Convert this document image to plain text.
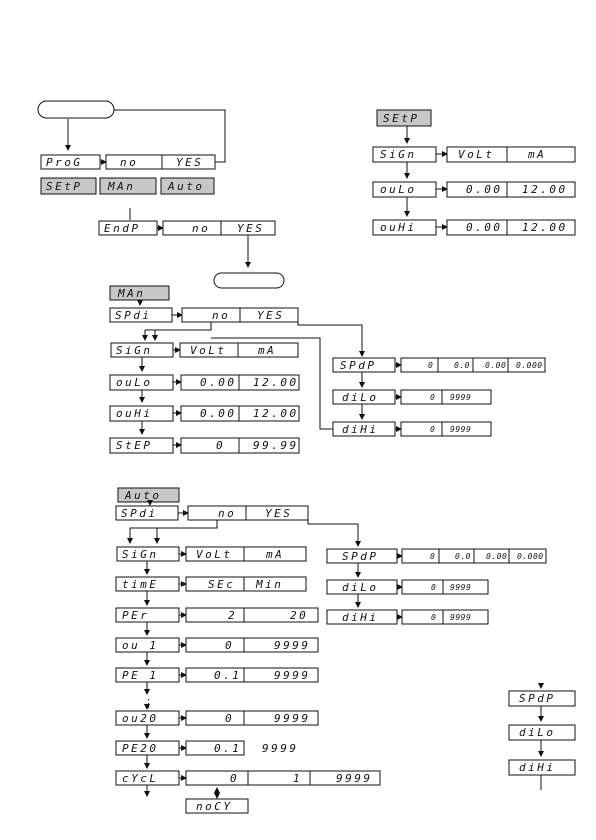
ProG	no	YES
SEtP MAn	Auto
EndP	no YES
SEtP
SiGn	VoLt	mA
ouLo	0.00 12.00
ouHi	0.00 12.00
MAn
SPdi	no YES
SiGn	VoLt	mA
ouLo	0.00 12.00
ouHi	0.00 12.00
StEP	0	99.99
SPdP	0	0.0 0.00 0.000
diLo	0 9999
diHi	0 9999
Auto
SPdi	no	YES
SiGn	VoLt	mA
timE	SEc Min
PEr	2	20
ou 1	0	9999
PE 1	0.1	9999
⋮
ou20	0	9999
PE20	0.1 9999
cYcL	0	1	9999
noCY
SPdP	0 0.0 0.00 0.000
diLo	0 9999
diHi	0 9999
SPdP
diLo
diHi
